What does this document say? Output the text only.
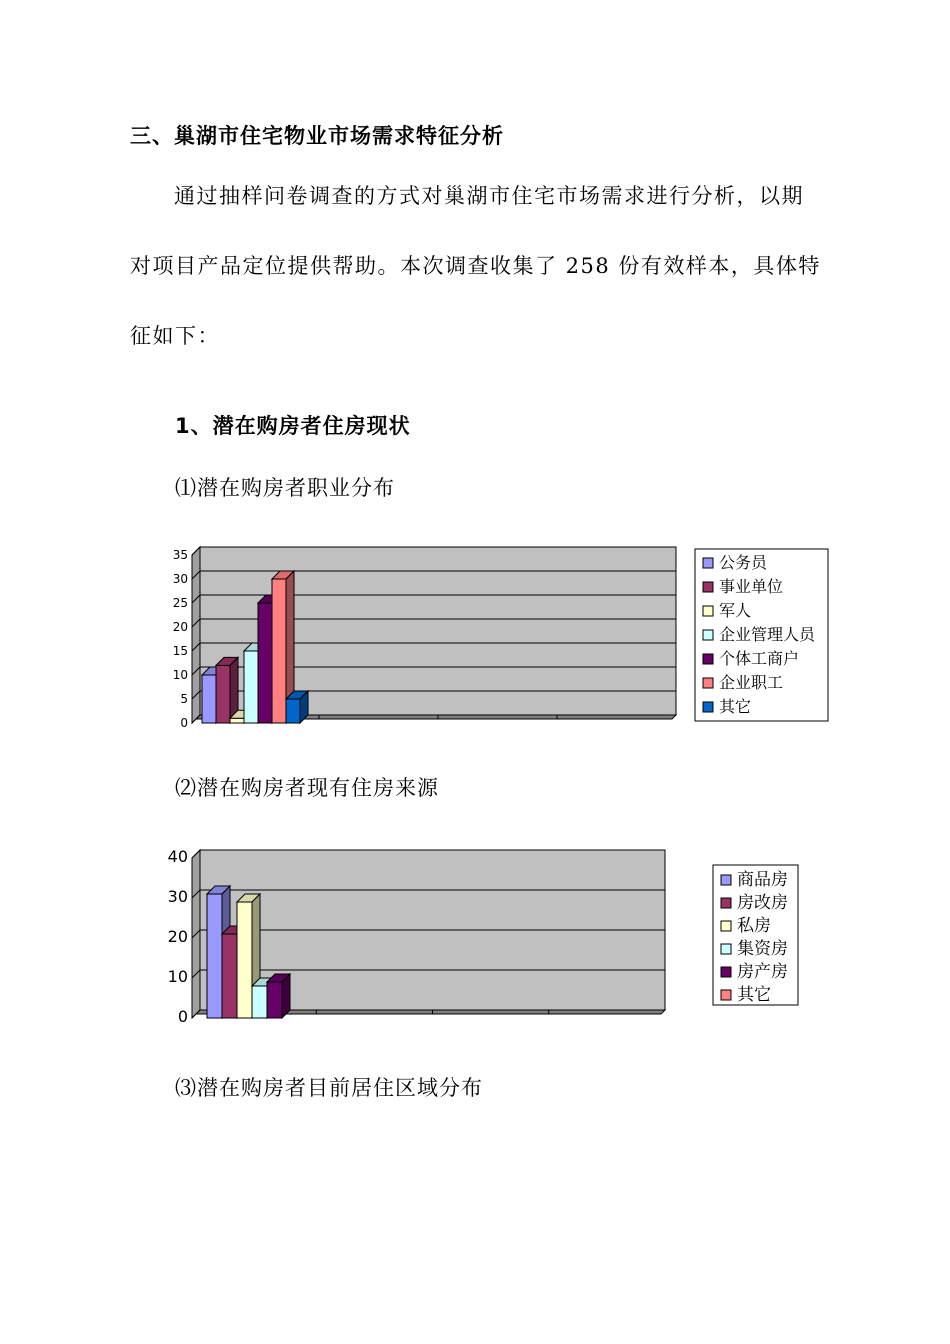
三、巢湖市住宅物业市场需求特征分析
通过抽样问卷调查的方式对巢湖市住宅市场需求进行分析，以期
对项目产品定位提供帮助。本次调查收集了 258 份有效样本，具体特
征如下：
1、潜在购房者住房现状
⑴潜在购房者职业分布
0
5
10
15
20
25
30
35	公务员
事业单位
军人
企业管理人员
个体工商户
企业职工
其它
⑵潜在购房者现有住房来源
0
10
20
30
40
商品房
房改房
私房
集资房
房产房
其它
⑶潜在购房者目前居住区域分布
